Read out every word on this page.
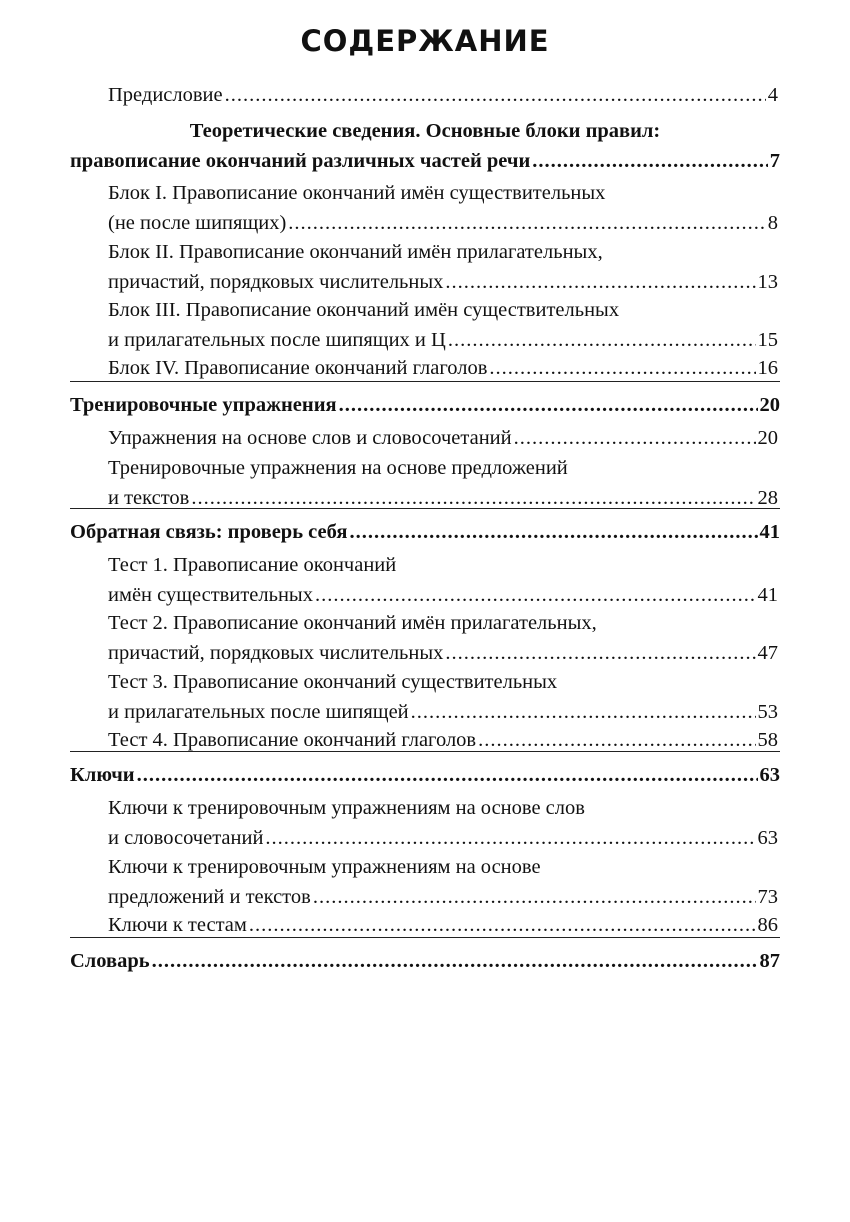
СОДЕРЖАНИЕ
Предисловие .....	4
Теоретические сведения. Основные блоки правил:
правописание окончаний различных частей речи .....	7
Блок I. Правописание окончаний имён существительных
(не после шипящих) .....	8
Блок II. Правописание окончаний имён прилагательных,
причастий, порядковых числительных .....	13
Блок III. Правописание окончаний имён существительных
и прилагательных после шипящих и Ц .....	15
Блок IV. Правописание окончаний глаголов .....	16
Тренировочные упражнения .....	20
Упражнения на основе слов и словосочетаний .....	20
Тренировочные упражнения на основе предложений
и текстов .....	28
Обратная связь: проверь себя .....	41
Тест 1. Правописание окончаний
имён существительных .....	41
Тест 2. Правописание окончаний имён прилагательных,
причастий, порядковых числительных .....	47
Тест 3. Правописание окончаний существительных
и прилагательных после шипящей .....	53
Тест 4. Правописание окончаний глаголов .....	58
Ключи .....	63
Ключи к тренировочным упражнениям на основе слов
и словосочетаний .....	63
Ключи к тренировочным упражнениям на основе
предложений и текстов .....	73
Ключи к тестам .....	86
Словарь .....	87
